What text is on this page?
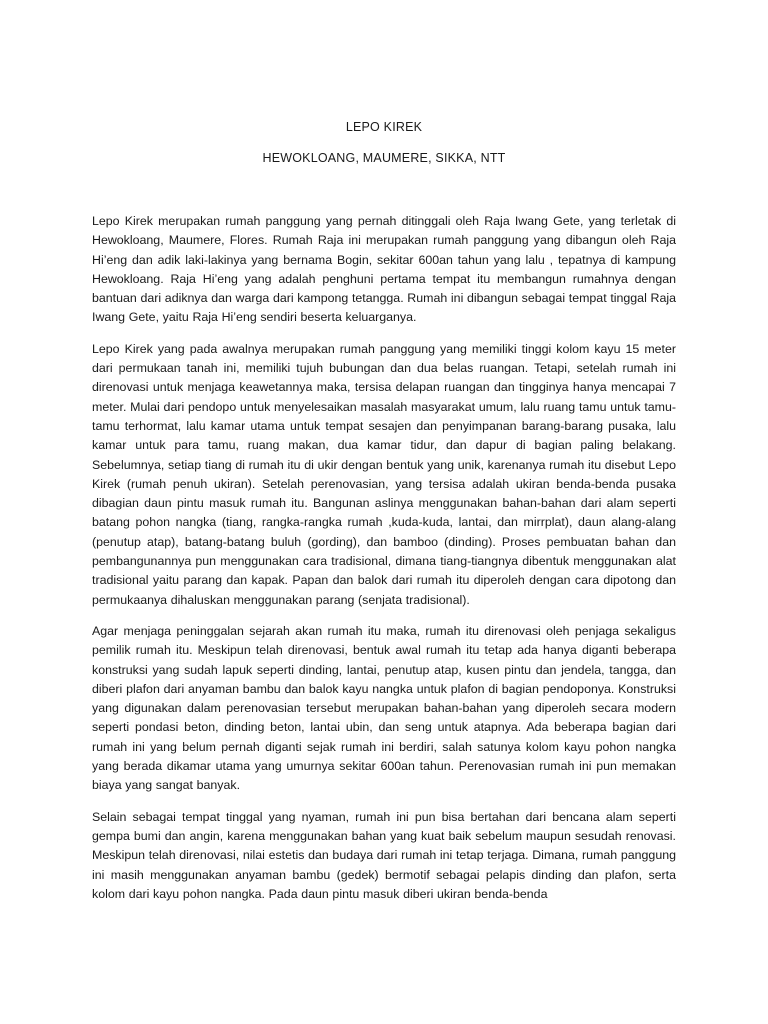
LEPO KIREK
HEWOKLOANG, MAUMERE, SIKKA, NTT

Lepo Kirek merupakan rumah panggung yang pernah ditinggali oleh Raja Iwang Gete, yang terletak di Hewokloang, Maumere, Flores. Rumah Raja ini merupakan rumah panggung yang dibangun oleh Raja Hi’eng dan adik laki-lakinya yang bernama Bogin, sekitar 600an tahun yang lalu , tepatnya di kampung Hewokloang. Raja Hi’eng yang adalah penghuni pertama tempat itu membangun rumahnya dengan bantuan dari adiknya dan warga dari kampong tetangga. Rumah ini dibangun sebagai tempat tinggal Raja Iwang Gete, yaitu Raja Hi’eng sendiri beserta keluarganya.

Lepo Kirek yang pada awalnya merupakan rumah panggung yang memiliki tinggi kolom kayu 15 meter dari permukaan tanah ini, memiliki tujuh bubungan dan dua belas ruangan. Tetapi, setelah rumah ini direnovasi untuk menjaga keawetannya maka, tersisa delapan ruangan dan tingginya hanya mencapai 7 meter. Mulai dari pendopo untuk menyelesaikan masalah masyarakat umum, lalu ruang tamu untuk tamu-tamu terhormat, lalu kamar utama untuk tempat sesajen dan penyimpanan barang-barang pusaka, lalu kamar untuk para tamu, ruang makan, dua kamar tidur, dan dapur di bagian paling belakang. Sebelumnya, setiap tiang di rumah itu di ukir dengan bentuk yang unik, karenanya rumah itu disebut Lepo Kirek (rumah penuh ukiran). Setelah perenovasian, yang tersisa adalah ukiran benda-benda pusaka dibagian daun pintu masuk rumah itu. Bangunan aslinya menggunakan bahan-bahan dari alam seperti batang pohon nangka (tiang, rangka-rangka rumah ,kuda-kuda, lantai, dan mirrplat), daun alang-alang (penutup atap), batang-batang buluh (gording), dan bamboo (dinding). Proses pembuatan bahan dan pembangunannya pun menggunakan cara tradisional, dimana tiang-tiangnya dibentuk menggunakan alat tradisional yaitu parang dan kapak. Papan dan balok dari rumah itu diperoleh dengan cara dipotong dan permukaanya dihaluskan menggunakan parang (senjata tradisional).

Agar menjaga peninggalan sejarah akan rumah itu maka, rumah itu direnovasi oleh penjaga sekaligus pemilik rumah itu. Meskipun telah direnovasi, bentuk awal rumah itu tetap ada hanya diganti beberapa konstruksi yang sudah lapuk seperti dinding, lantai, penutup atap, kusen pintu dan jendela, tangga, dan diberi plafon dari anyaman bambu dan balok kayu nangka untuk plafon di bagian pendoponya. Konstruksi yang digunakan dalam perenovasian tersebut merupakan bahan-bahan yang diperoleh secara modern seperti pondasi beton, dinding beton, lantai ubin, dan seng untuk atapnya. Ada beberapa bagian dari rumah ini yang belum pernah diganti sejak rumah ini berdiri, salah satunya kolom kayu pohon nangka yang berada dikamar utama yang umurnya sekitar 600an tahun. Perenovasian rumah ini pun memakan biaya yang sangat banyak.

Selain sebagai tempat tinggal yang nyaman, rumah ini pun bisa bertahan dari bencana alam seperti gempa bumi dan angin, karena menggunakan bahan yang kuat baik sebelum maupun sesudah renovasi. Meskipun telah direnovasi, nilai estetis dan budaya dari rumah ini tetap terjaga. Dimana, rumah panggung ini masih menggunakan anyaman bambu (gedek) bermotif sebagai pelapis dinding dan plafon, serta kolom dari kayu pohon nangka. Pada daun pintu masuk diberi ukiran benda-benda
